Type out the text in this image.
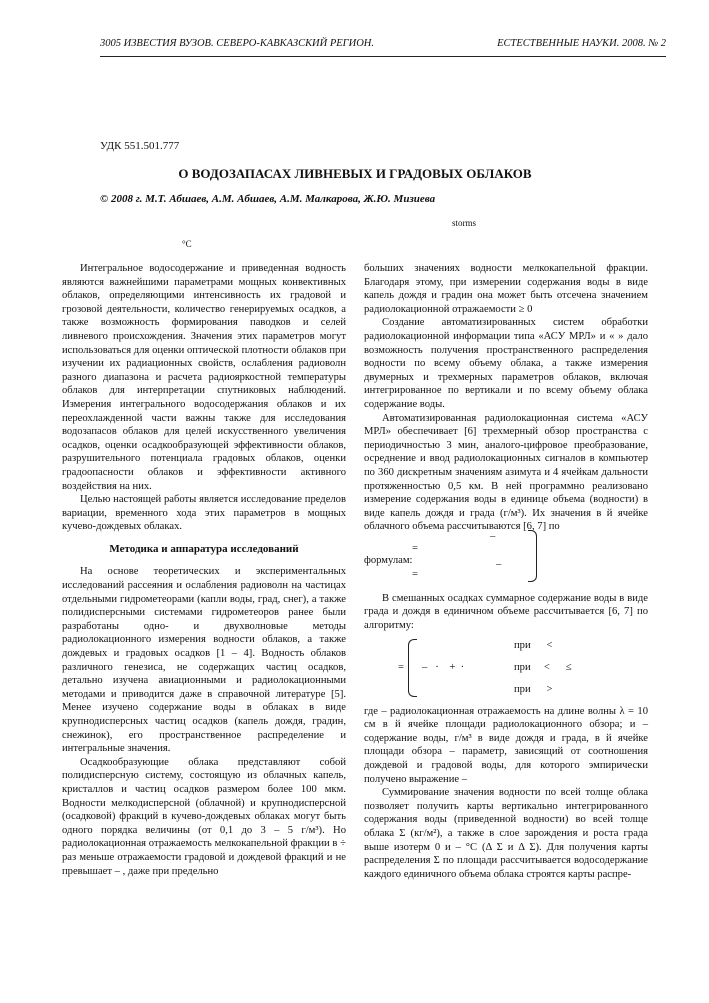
3005 ИЗВЕСТИЯ ВУЗОВ. СЕВЕРО-КАВКАЗСКИЙ РЕГИОН.	ЕСТЕСТВЕННЫЕ НАУКИ. 2008. № 2
УДК 551.501.777
О ВОДОЗАПАСАХ ЛИВНЕВЫХ И ГРАДОВЫХ ОБЛАКОВ
© 2008 г. М.Т. Абшаев, А.М. Абшаев, А.М. Малкарова, Ж.Ю. Мизиева
storms
°C

Интегральное водосодержание и приведенная водность являются важнейшими параметрами мощных конвективных облаков, определяющими интенсивность их градовой и грозовой деятельности, количество генерируемых осадков, а также возможность формирования паводков и селей ливневого происхождения. Значения этих параметров могут использоваться для оценки оптической плотности облаков при изучении их радиационных свойств, ослабления радиоволн разного диапазона и расчета радиояркостной температуры облаков для интерпретации спутниковых наблюдений. Измерения интегрального водосодержания облаков и их переохлажденной части важны также для исследования водозапасов облаков для целей искусственного увеличения осадков, оценки осадкообразующей эффективности облаков, разрушительного потенциала градовых облаков, оценки градоопасности облаков и эффективности активного воздействия на них.

Целью настоящей работы является исследование пределов вариации, временного хода этих параметров в мощных кучево-дождевых облаках.

Методика и аппаратура исследований

На основе теоретических и экспериментальных исследований рассеяния и ослабления радиоволн на частицах отдельными гидрометеорами (капли воды, град, снег), а также полидисперсными системами гидрометеоров ранее были разработаны одно- и двухволновые методы радиолокационного измерения водности облаков, а также дождевых и градовых осадков [1 – 4]. Водность облаков различного генезиса, не содержащих частиц осадков, детально изучена авиационными и радиолокационными методами и приводится даже в справочной литературе [5]. Менее изучено содержание воды в облаках в виде крупнодисперсных частиц осадков (капель дождя, градин, снежинок), его пространственное распределение и интегральные значения.

Осадкообразующие облака представляют собой полидисперсную систему, состоящую из облачных капель, кристаллов и частиц осадков размером более 100 мкм. Водности мелкодисперсной (облачной) и крупнодисперсной (осадковой) фракций в кучево-дождевых облаках могут быть одного порядка величины (от 0,1 до 3 – 5 г/м³). Но радиолокационная отражаемость мелкокапельной фракции в ÷ раз меньше отражаемости градовой и дождевой фракций и не превышает – , даже при предельно

больших значениях водности мелкокапельной фракции. Благодаря этому, при измерении содержания воды в виде капель дождя и градин она может быть отсечена значением радиолокационной отражаемости ≥ 0

Создание автоматизированных систем обработки радиолокационной информации типа «АСУ МРЛ» и « » дало возможность получения пространственного распределения водности по всему объему облака, а также измерения двумерных и трехмерных параметров облаков, включая интегрированное по вертикали и по всему объему облака содержание воды.

Автоматизированная радиолокационная система «АСУ МРЛ» обеспечивает [6] трехмерный обзор пространства с периодичностью 3 мин, аналого-цифровое преобразование, осреднение и ввод радиолокационных сигналов в компьютер по 360 дискретным значениям азимута и 4 ячейкам дальности протяженностью 0,5 км. В ней программно реализовано измерение содержания воды в единице объема (водности) в виде капель дождя и града (г/м³). Их значения в й ячейке облачного объема рассчитываются [6, 7] по

формулам:
=
=
–
–

В смешанных осадках суммарное содержание воды в виде града и дождя в единичном объеме рассчитывается [6, 7] по алгоритму:

= –   ·    +  ·
при      <
при     <      ≤
при      >

где – радиолокационная отражаемость на длине волны λ = 10 см в й ячейке площади радиолокационного обзора; и – содержание воды, г/м³ в виде дождя и града, в й ячейке площади обзора – параметр, зависящий от соотношения дождевой и градовой воды, для которого эмпирически получено выражение –

Суммирование значения водности по всей толще облака позволяет получить карты вертикально интегрированного содержания воды (приведенной водности) во всей толще облака Σ (кг/м²), а также в слое зарождения и роста града выше изотерм 0 и – °C (Δ Σ и Δ Σ). Для получения карты распределения Σ по площади рассчитывается водосодержание каждого единичного объема облака строятся карты распре-
